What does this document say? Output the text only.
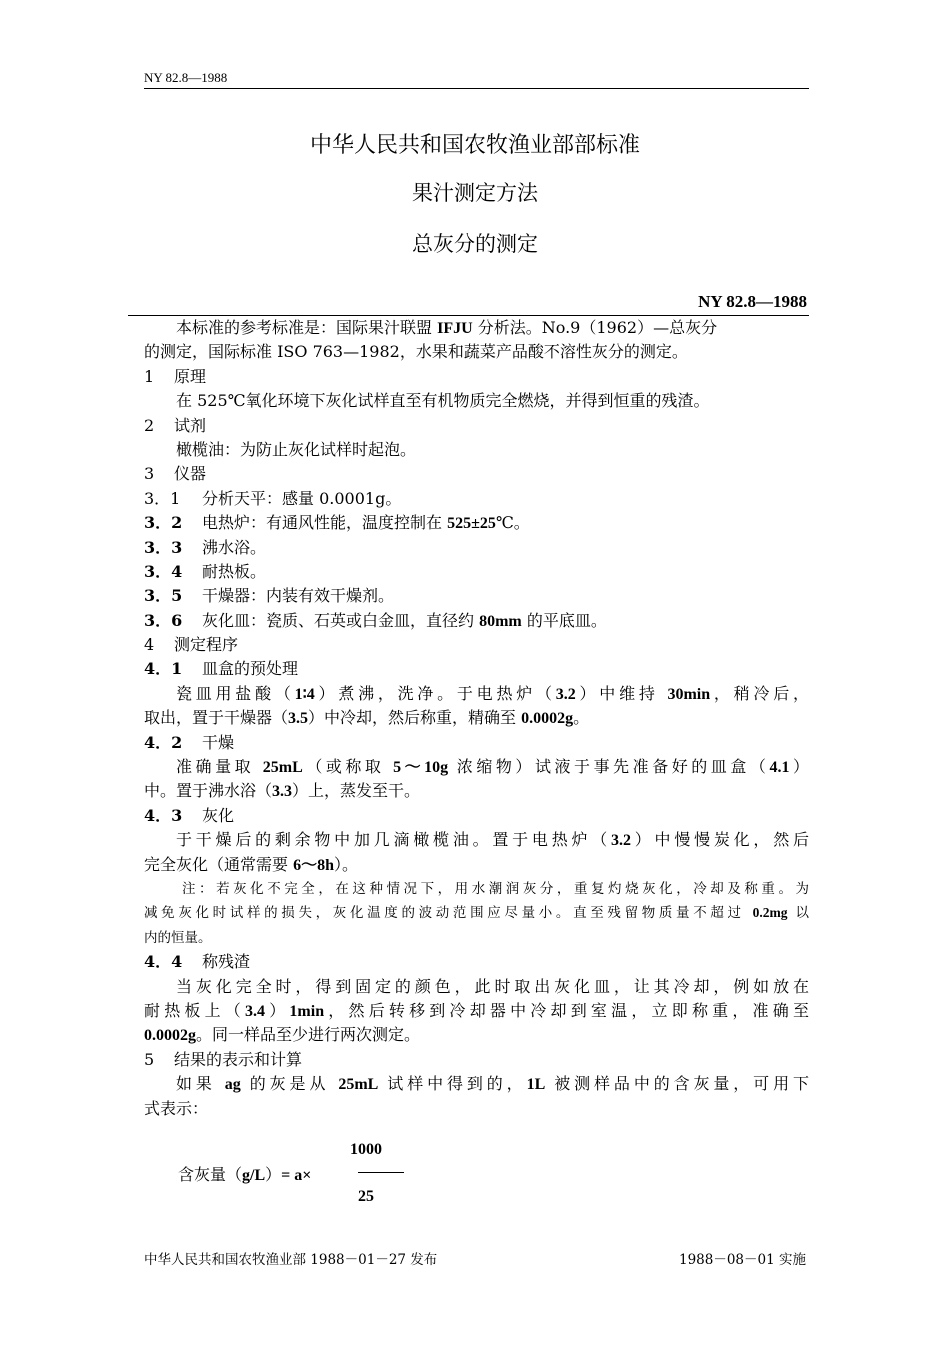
NY 82.8—1988
中华人民共和国农牧渔业部部标准
果汁测定方法
总灰分的测定
NY 82.8—1988
本标准的参考标准是：国际果汁联盟 IFJU 分析法。No.9（1962）—总灰分
的测定，国际标准 ISO 763—1982，水果和蔬菜产品酸不溶性灰分的测定。
1 原理
在 525℃氧化环境下灰化试样直至有机物质完全燃烧，并得到恒重的残渣。
2 试剂
橄榄油：为防止灰化试样时起泡。
3 仪器
3．1 分析天平：感量 0.0001g。
3．2 电热炉：有通风性能，温度控制在 525±25℃。
3．3 沸水浴。
3．4 耐热板。
3．5 干燥器：内装有效干燥剂。
3．6 灰化皿：瓷质、石英或白金皿，直径约 80mm 的平底皿。
4 测定程序
4．1 皿盒的预处理
瓷皿用盐酸（1∶4）煮沸，洗净。于电热炉（3.2）中维持 30min，稍冷后，
取出，置于干燥器（3.5）中冷却，然后称重，精确至 0.0002g。
4．2 干燥
准确量取 25mL（或称取 5～10g 浓缩物）试液于事先准备好的皿盒（4.1）
中。置于沸水浴（3.3）上，蒸发至干。
4．3 灰化
于干燥后的剩余物中加几滴橄榄油。置于电热炉（3.2）中慢慢炭化，然后
完全灰化（通常需要 6～8h）。
注：若灰化不完全，在这种情况下，用水潮润灰分，重复灼烧灰化，冷却及称重。为
减免灰化时试样的损失，灰化温度的波动范围应尽量小。直至残留物质量不超过 0.2mg 以
内的恒量。
4．4 称残渣
当灰化完全时，得到固定的颜色，此时取出灰化皿，让其冷却，例如放在
耐热板上（3.4）1min，然后转移到冷却器中冷却到室温，立即称重，准确至
0.0002g。同一样品至少进行两次测定。
5 结果的表示和计算
如果 ag 的灰是从 25mL 试样中得到的，1L 被测样品中的含灰量，可用下
式表示：
1000
含灰量（g/L）= a×
25
中华人民共和国农牧渔业部 1988－01－27 发布	1988－08－01 实施
